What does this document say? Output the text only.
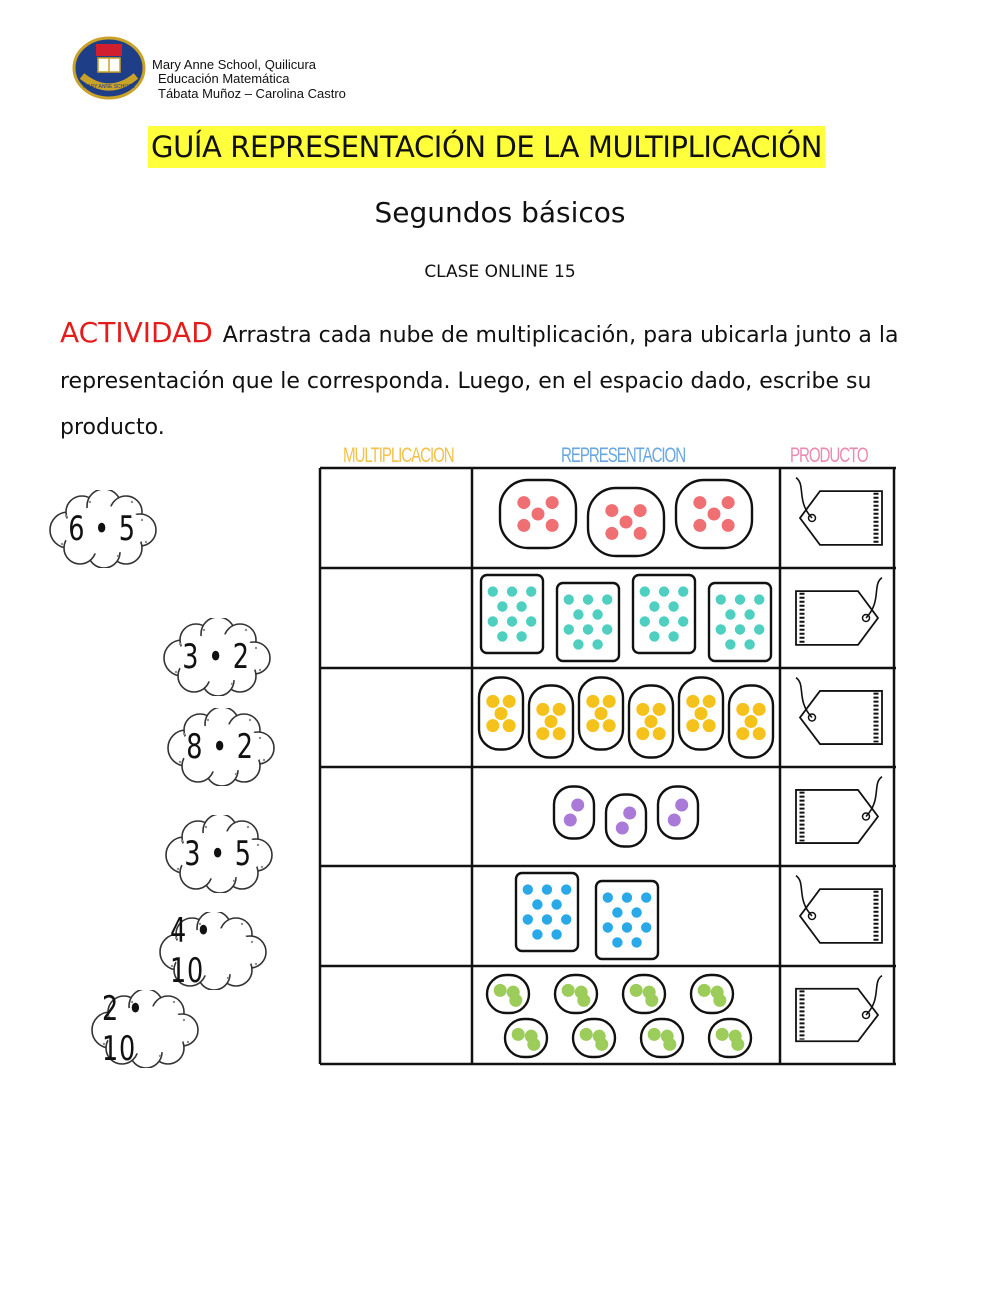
MARY ANNE SCHOOL
Mary Anne School, Quilicura
Educación Matemática
Tábata Muñoz – Carolina Castro
GUÍA REPRESENTACIÓN DE LA MULTIPLICACIÓN
Segundos básicos
CLASE ONLINE 15
ACTIVIDAD Arrastra cada nube de multiplicación, para ubicarla junto a la representación que le corresponda. Luego, en el espacio dado, escribe su producto.
MULTIPLICACION	REPRESENTACION	PRODUCTO
6 • 5
3 • 2
8 • 2
3 • 5
4 • 10
2 • 10
